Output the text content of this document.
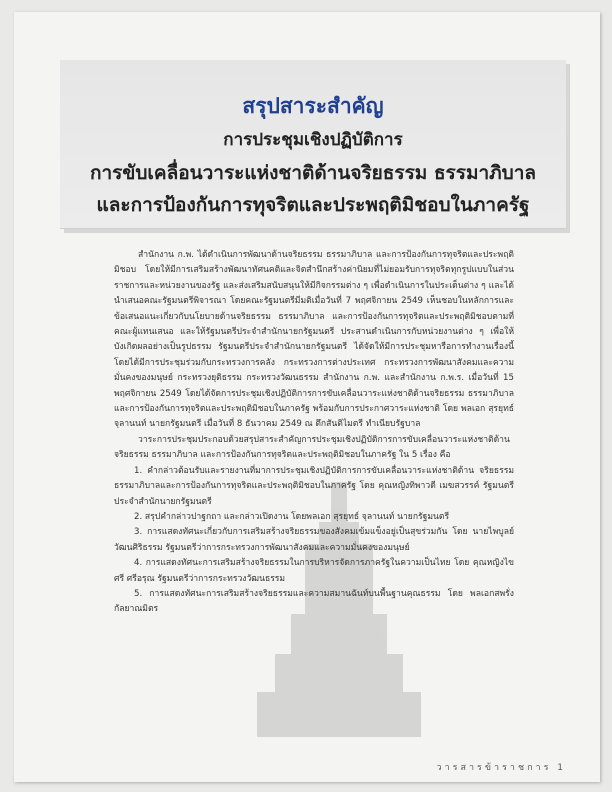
สรุปสาระสำคัญ
การประชุมเชิงปฏิบัติการ
การขับเคลื่อนวาระแห่งชาติด้านจริยธรรม ธรรมาภิบาล
และการป้องกันการทุจริตและประพฤติมิชอบในภาครัฐ

สำนักงาน ก.พ. ได้ดำเนินการพัฒนาด้านจริยธรรม ธรรมาภิบาล และการป้องกันการทุจริตและประพฤติมิชอบ โดยให้มีการเสริมสร้างพัฒนาทัศนคติและจิตสำนึกสร้างค่านิยมที่ไม่ยอมรับการทุจริตทุกรูปแบบในส่วนราชการและหน่วยงานของรัฐ และส่งเสริมสนับสนุนให้มีกิจกรรมต่าง ๆ เพื่อดำเนินการในประเด็นต่าง ๆ และได้นำเสนอคณะรัฐมนตรีพิจารณา โดยคณะรัฐมนตรีมีมติเมื่อวันที่ 7 พฤศจิกายน 2549 เห็นชอบในหลักการและข้อเสนอแนะเกี่ยวกับนโยบายด้านจริยธรรม ธรรมาภิบาล และการป้องกันการทุจริตและประพฤติมิชอบตามที่คณะผู้แทนเสนอ และให้รัฐมนตรีประจำสำนักนายกรัฐมนตรี ประสานดำเนินการกับหน่วยงานต่าง ๆ เพื่อให้บังเกิดผลอย่างเป็นรูปธรรม รัฐมนตรีประจำสำนักนายกรัฐมนตรี ได้จัดให้มีการประชุมหารือการทำงานเรื่องนี้ โดยได้มีการประชุมร่วมกับกระทรวงการคลัง กระทรวงการต่างประเทศ กระทรวงการพัฒนาสังคมและความมั่นคงของมนุษย์ กระทรวงยุติธรรม กระทรวงวัฒนธรรม สำนักงาน ก.พ. และสำนักงาน ก.พ.ร. เมื่อวันที่ 15 พฤศจิกายน 2549 โดยได้จัดการประชุมเชิงปฏิบัติการการขับเคลื่อนวาระแห่งชาติด้านจริยธรรม ธรรมาภิบาล และการป้องกันการทุจริตและประพฤติมิชอบในภาครัฐ พร้อมกับการประกาศวาระแห่งชาติ โดย พลเอก สุรยุทธ์ จุลานนท์ นายกรัฐมนตรี เมื่อวันที่ 8 ธันวาคม 2549 ณ ตึกสันติไมตรี ทำเนียบรัฐบาล

วาระการประชุมประกอบด้วยสรุปสาระสำคัญการประชุมเชิงปฏิบัติการการขับเคลื่อนวาระแห่งชาติด้านจริยธรรม ธรรมาภิบาล และการป้องกันการทุจริตและประพฤติมิชอบในภาครัฐ ใน 5 เรื่อง คือ

1. คำกล่าวต้อนรับและรายงานที่มาการประชุมเชิงปฏิบัติการการขับเคลื่อนวาระแห่งชาติด้าน จริยธรรม ธรรมาภิบาลและการป้องกันการทุจริตและประพฤติมิชอบในภาครัฐ โดย คุณหญิงทิพาวดี เมฆสวรรค์ รัฐมนตรีประจำสำนักนายกรัฐมนตรี

2. สรุปคำกล่าวปาฐกถา และกล่าวเปิดงาน โดยพลเอก สุรยุทธ์ จุลานนท์ นายกรัฐมนตรี

3. การแสดงทัศนะเกี่ยวกับการเสริมสร้างจริยธรรมของสังคมเข้มแข็งอยู่เป็นสุขร่วมกัน โดย นายไพบูลย์ วัฒนศิริธรรม รัฐมนตรีว่าการกระทรวงการพัฒนาสังคมและความมั่นคงของมนุษย์

4. การแสดงทัศนะการเสริมสร้างจริยธรรมในการบริหารจัดการภาครัฐในความเป็นไทย โดย คุณหญิงไขศรี ศรีอรุณ รัฐมนตรีว่าการกระทรวงวัฒนธรรม

5. การแสดงทัศนะการเสริมสร้างจริยธรรมและความสมานฉันท์บนพื้นฐานคุณธรรม โดย พลเอกสพรั่ง กัลยาณมิตร

วารสารข้าราชการ 1
